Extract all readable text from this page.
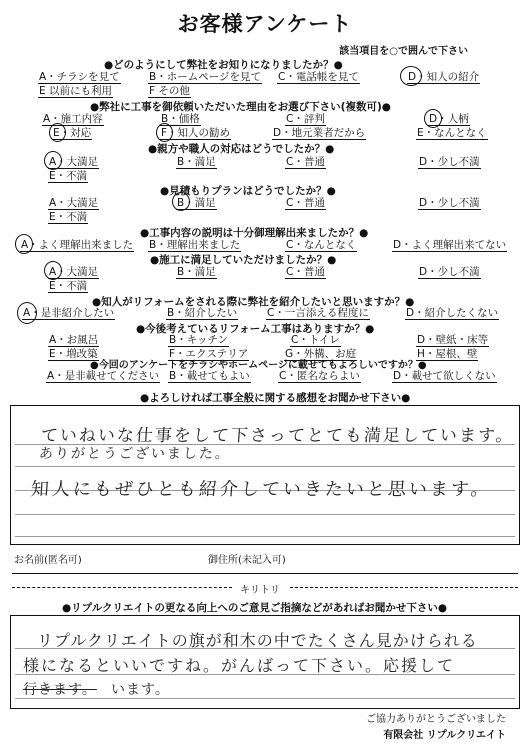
お客様アンケート
該当項目を○で囲んで下さい
●どのようにして弊社をお知りになりましたか？●
A・チラシを見て	B・ホームページを見て C・電話帳を見て	D・知人の紹介
E 以前にも利用	F その他
●弊社に工事を御依頼いただいた理由をお選び下さい(複数可)●
A・施工内容	B・価格	C・評判	D・人柄
E・対応	F・知人の勧め	D・地元業者だから	E・なんとなく
●親方や職人の対応はどうでしたか？●
A・大満足	B・満足	C・普通	D・少し不満
E・不満
●見積もりプランはどうでしたか？●
A・大満足	B・満足	C・普通	D・少し不満
E・不満
●工事内容の説明は十分御理解出来ましたか？●
A・よく理解出来ました B・理解出来ました	C・なんとなく	D・よく理解出来てない
●施工に満足していただけましたか？●
A・大満足	B・満足	C・普通	D・少し不満
E・不満
●知人がリフォームをされる際に弊社を紹介したいと思いますか？●
A・是非紹介したい	B・紹介したい	C・一言添える程度に	D・紹介したくない
●今後考えているリフォーム工事はありますか？●
A・お風呂	B・キッチン	C・トイレ	D・壁紙・床等
E・増改築	F・エクステリア	G・外構、お庭	H・屋根、壁
●今回のアンケートをチラシやホームページに載せてもよろしいですか？●
A・是非載せてください B・載せてもよい	C・匿名ならよい	D・載せて欲しくない
●よろしければ工事全般に関する感想をお聞かせ下さい●
ていねいな仕事をして下さってとても満足しています。
ありがとうございました。
知人にもぜひとも紹介していきたいと思います。
お名前(匿名可)	御住所(未記入可)
キリトリ
●リプルクリエイトの更なる向上へのご意見ご指摘などがあればお聞かせ下さい●
リプルクリエイトの旗が和木の中でたくさん見かけられる
様になるといいですね。がんばって下さい。応援して
行きます。 います。
ご協力ありがとうございました
有限会社 リプルクリエイト
